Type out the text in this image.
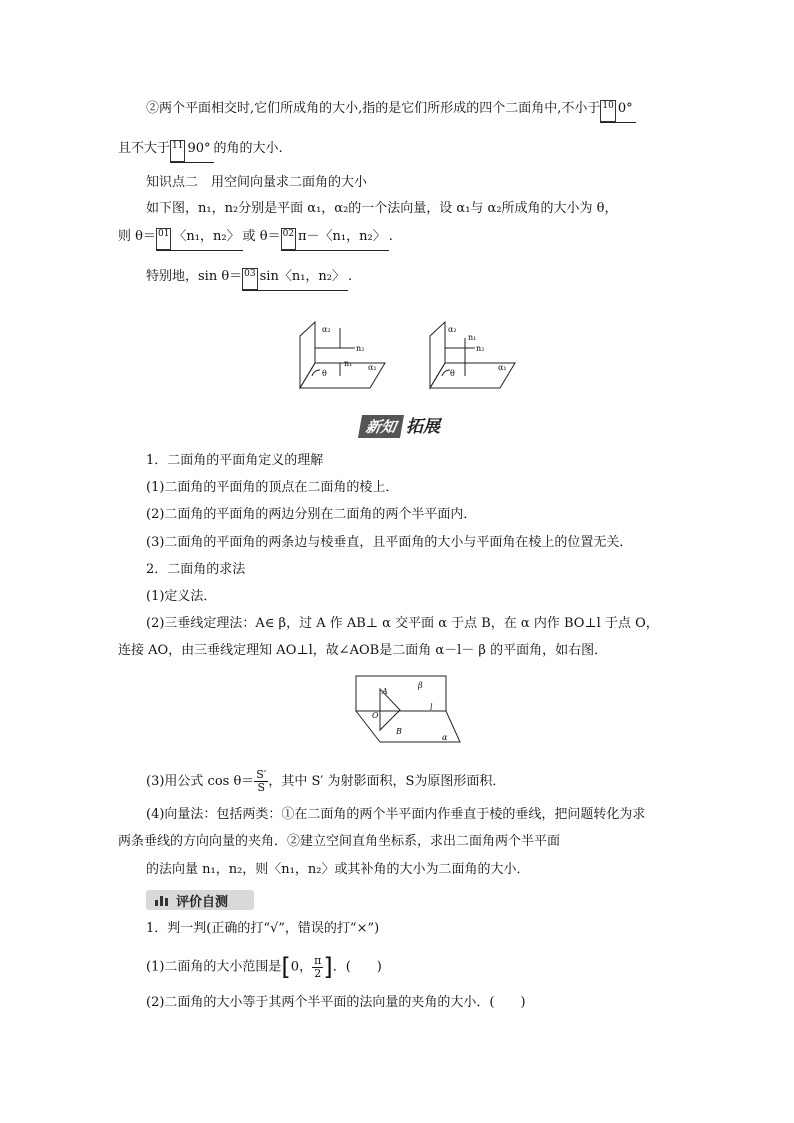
②两个平面相交时,它们所成角的大小,指的是它们所形成的四个二面角中,不小于 10 0°
且不大于 11 90° 的角的大小.
知识点二　用空间向量求二面角的大小
如下图，n₁，n₂分别是平面 α₁，α₂的一个法向量，设 α₁与 α₂所成角的大小为 θ，
则 θ＝ 01 〈n₁，n₂〉 或 θ＝ 02 π－〈n₁，n₂〉 .
特别地，sin θ＝ 03 sin〈n₁，n₂〉 .
α₂
n₂
n₁ α₁
θ
α₂
n₁
n₂
α₁
θ
新知 拓展
1．二面角的平面角定义的理解
(1)二面角的平面角的顶点在二面角的棱上．
(2)二面角的平面角的两边分别在二面角的两个半平面内．
(3)二面角的平面角的两条边与棱垂直，且平面角的大小与平面角在棱上的位置无关．
2．二面角的求法
(1)定义法．
(2)三垂线定理法：A∈ β，过 A 作 AB⊥ α 交平面 α 于点 B，在 α 内作 BO⊥l 于点 O，
连接 AO，由三垂线定理知 AO⊥l，故∠AOB是二面角 α－l－ β 的平面角，如右图．
A
O
B
β
l
α
(3)用公式 $\cos \theta= \frac{S'}{S}$ ，其中 S′ 为射影面积，S为原图形面积．
(4)向量法：包括两类：①在二面角的两个半平面内作垂直于棱的垂线，把问题转化为求
两条垂线的方向向量的夹角．②建立空间直角坐标系，求出二面角两个半平面
的法向量 n₁，n₂，则〈n₁，n₂〉或其补角的大小为二面角的大小．
评价自测
1．判一判(正确的打“√”，错误的打“×”)
(1)二面角的大小范围是[0， $\frac{\pi}{2}$ ]．(　　)
(2)二面角的大小等于其两个半平面的法向量的夹角的大小．(　　)
